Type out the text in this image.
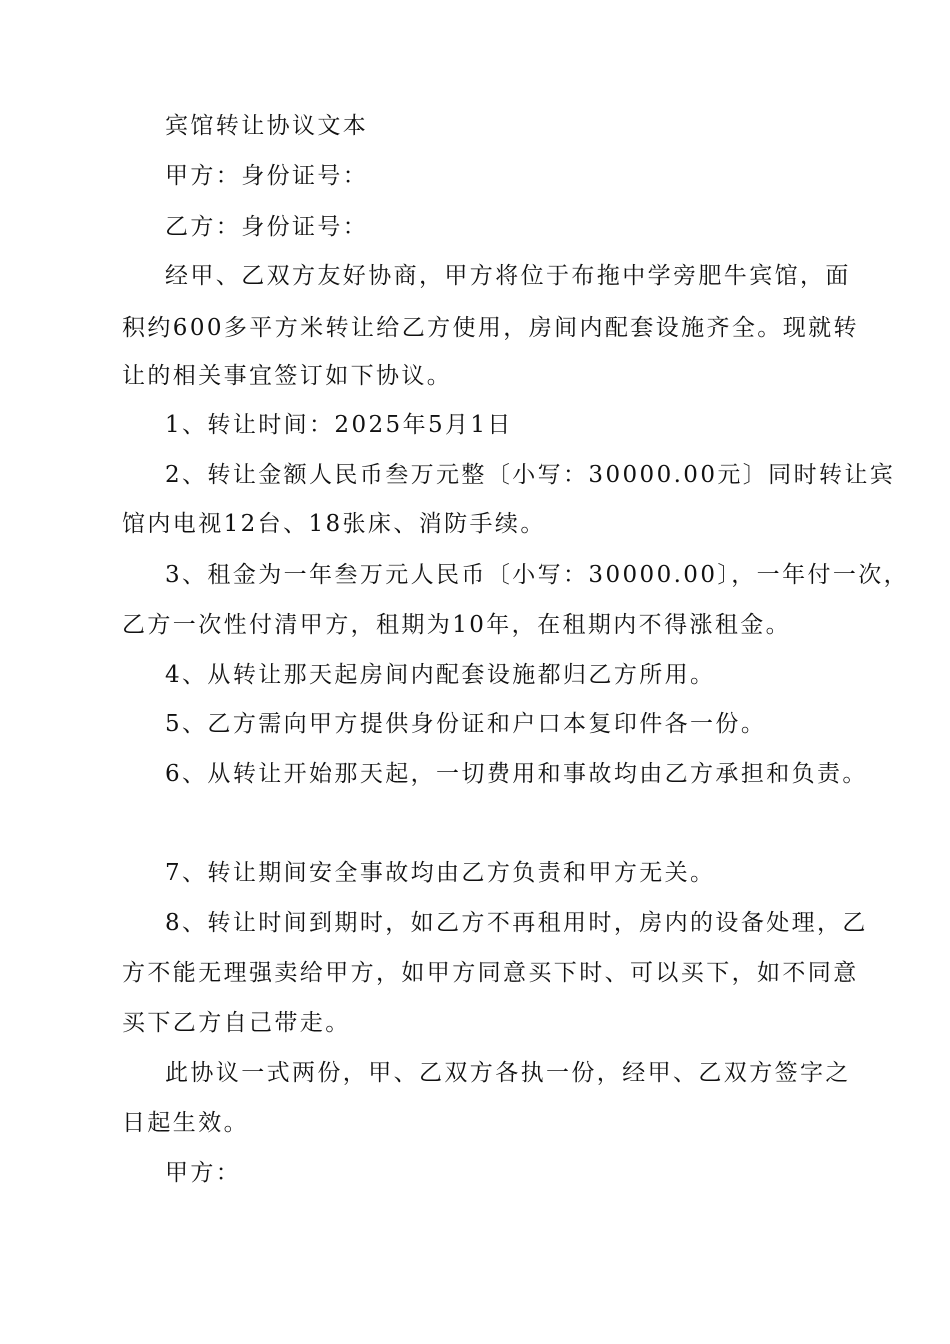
宾馆转让协议文本
甲方：身份证号：
乙方：身份证号：
经甲、乙双方友好协商，甲方将位于布拖中学旁肥牛宾馆，面
积约600多平方米转让给乙方使用，房间内配套设施齐全。现就转
让的相关事宜签订如下协议。
1、转让时间：2025年5月1日
2、转让金额人民币叁万元整〔小写：30000.00元〕同时转让宾
馆内电视12台、18张床、消防手续。
3、租金为一年叁万元人民币〔小写：30000.00〕，一年付一次，
乙方一次性付清甲方，租期为10年，在租期内不得涨租金。
4、从转让那天起房间内配套设施都归乙方所用。
5、乙方需向甲方提供身份证和户口本复印件各一份。
6、从转让开始那天起，一切费用和事故均由乙方承担和负责。
7、转让期间安全事故均由乙方负责和甲方无关。
8、转让时间到期时，如乙方不再租用时，房内的设备处理，乙
方不能无理强卖给甲方，如甲方同意买下时、可以买下，如不同意
买下乙方自己带走。
此协议一式两份，甲、乙双方各执一份，经甲、乙双方签字之
日起生效。
甲方：
